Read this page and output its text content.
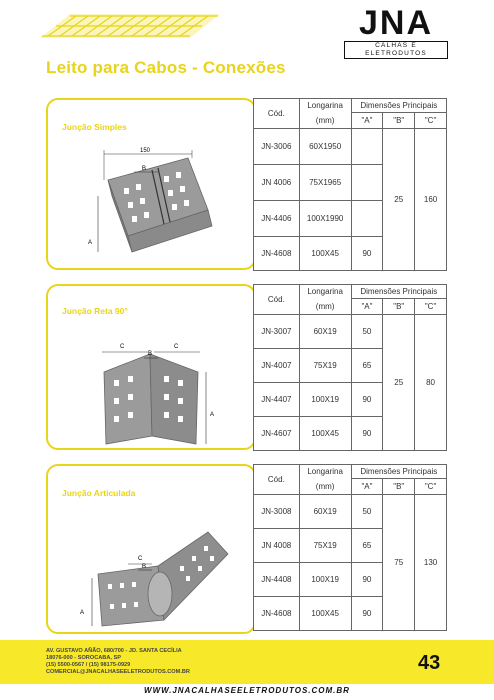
JNA
CALHAS E ELETRODUTOS
Leito para Cabos - Conexões
Junção Simples
150
B
A
Cód.	Longarina	Dimensões Principais		
	(mm)	"A"	"B"	"C"
JN-3006	60X1950		25	160
JN 4006	75X1965			
JN-4406	100X1990			
JN-4608	100X45	90		
Junção Reta 90°
C
B
C
A
Cód.	Longarina	Dimensões Principais		
	(mm)	"A"	"B"	"C"
JN-3007	60X19	50	25	80
JN-4007	75X19	65		
JN-4407	100X19	90		
JN-4607	100X45	90		
Junção Articulada
C
B
A
Cód.	Longarina	Dimensões Principais		
	(mm)	"A"	"B"	"C"
JN-3008	60X19	50	75	130
JN 4008	75X19	65		
JN-4408	100X19	90		
JN-4608	100X45	90		
AV. GUSTAVO AÑÃO, 680/700 - JD. SANTA CECÍLIA
18076-000 - SOROCABA, SP
(15) 5500-0567 / (15) 98175-0929
COMERCIAL@JNACALHASEELETRODUTOS.COM.BR	43
WWW.JNACALHASEELETRODUTOS.COM.BR
